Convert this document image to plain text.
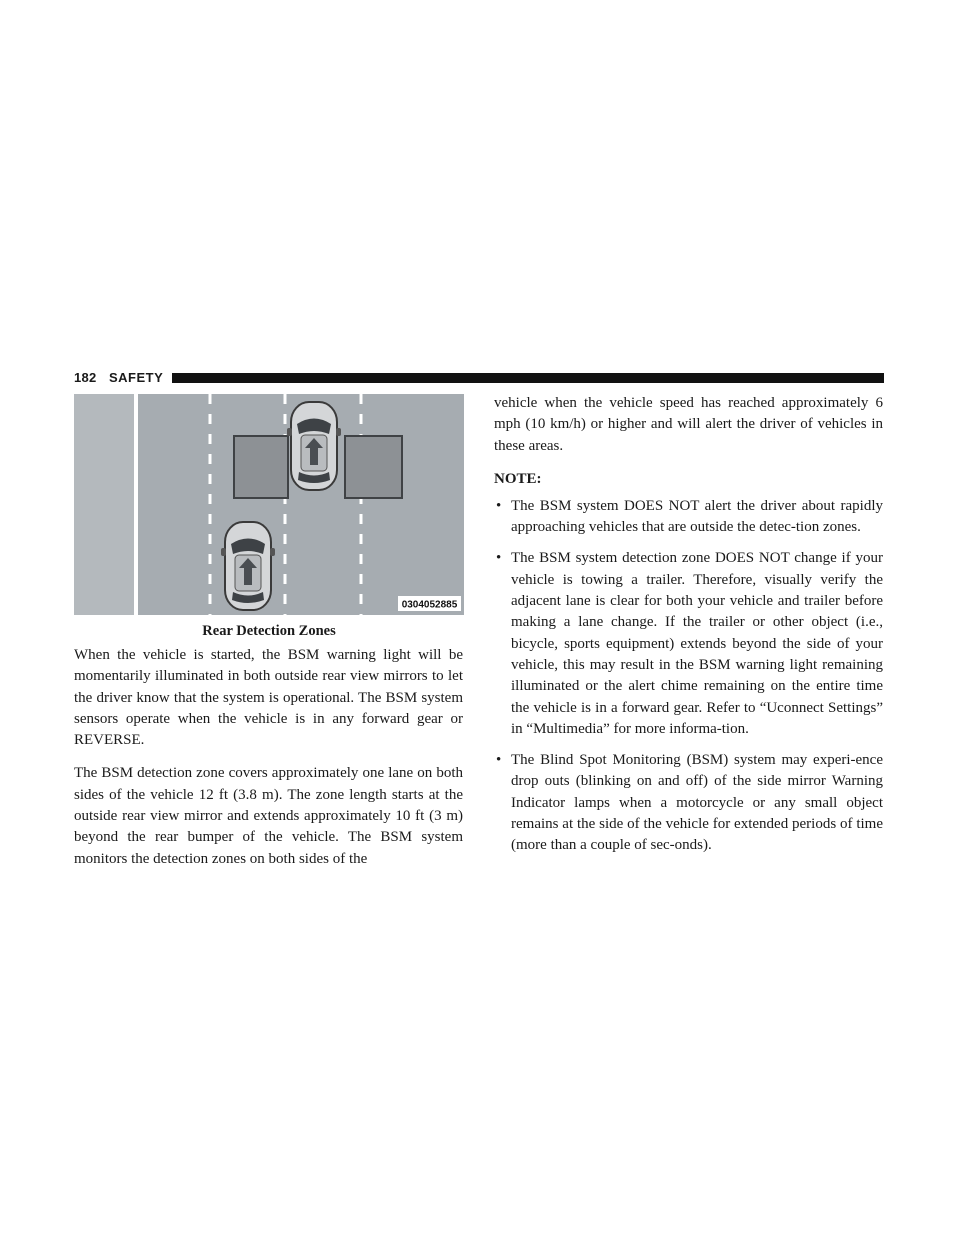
182 SAFETY
0304052885
Rear Detection Zones

When the vehicle is started, the BSM warning light will be momentarily illuminated in both outside rear view mirrors to let the driver know that the system is operational. The BSM system sensors operate when the vehicle is in any forward gear or REVERSE.

The BSM detection zone covers approximately one lane on both sides of the vehicle 12 ft (3.8 m). The zone length starts at the outside rear view mirror and extends approximately 10 ft (3 m) beyond the rear bumper of the vehicle. The BSM system monitors the detection zones on both sides of the

vehicle when the vehicle speed has reached approximately 6 mph (10 km/h) or higher and will alert the driver of vehicles in these areas.

NOTE:
• The BSM system DOES NOT alert the driver about rapidly approaching vehicles that are outside the detec-tion zones.
• The BSM system detection zone DOES NOT change if your vehicle is towing a trailer. Therefore, visually verify the adjacent lane is clear for both your vehicle and trailer before making a lane change. If the trailer or other object (i.e., bicycle, sports equipment) extends beyond the side of your vehicle, this may result in the BSM warning light remaining illuminated or the alert chime remaining on the entire time the vehicle is in a forward gear. Refer to “Uconnect Settings” in “Multimedia” for more informa-tion.
• The Blind Spot Monitoring (BSM) system may experi-ence drop outs (blinking on and off) of the side mirror Warning Indicator lamps when a motorcycle or any small object remains at the side of the vehicle for extended periods of time (more than a couple of sec-onds).
